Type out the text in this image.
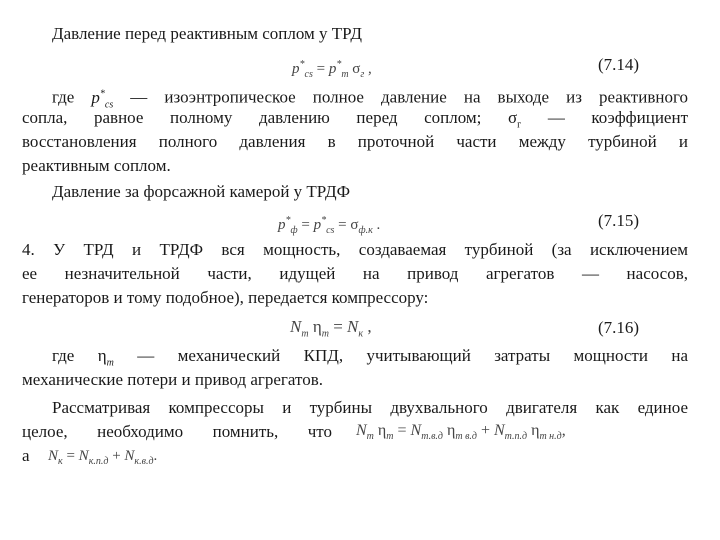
Давление перед реактивным соплом у ТРД
$p^*_{cs} = p^*_т$ $\sigma_г$ ,	(7.14)
где $p^*_{cs}$ — изоэнтропическое полное давление на выходе из реактивного
сопла, равное полному давлению перед соплом; $\sigma_г$ — коэффициент
восстановления полного давления в проточной части между турбиной и
реактивным соплом.
Давление за форсажной камерой у ТРДФ
$p^*_ф = p^*_{cs} = \sigma_{ф.к}$ .	(7.15)
4. У ТРД и ТРДФ вся мощность, создаваемая турбиной (за исключением
ее незначительной части, идущей на привод агрегатов — насосов,
генераторов и тому подобное), передается компрессору:
$N_т$ $\eta_m = N_к$ ,	(7.16)
где $\eta_m$ — механический КПД, учитывающий затраты мощности на
механические потери и привод агрегатов.
Рассматривая компрессоры и турбины двухвального двигателя как единое
целое, необходимо помнить, что $N_т$ $\eta_m = N_{т.в.д}$ $\eta_{m в.д} + N_{т.п.д}$ $\eta_{m н.д}$,
а $N_к = N_{к.п.д} + N_{к.в.д}$.
